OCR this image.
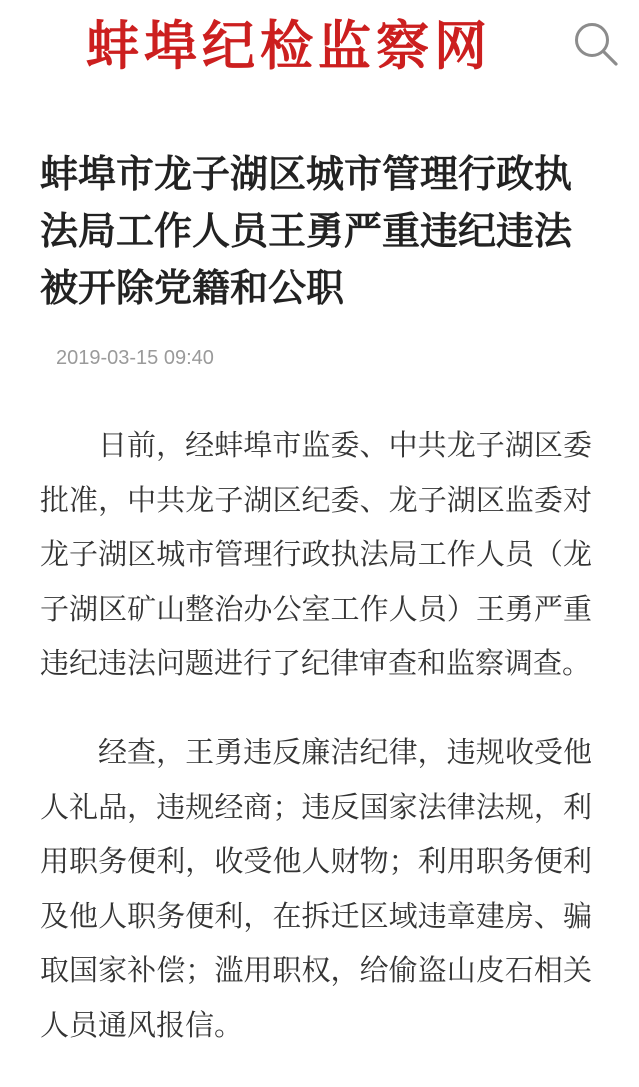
蚌埠纪检监察网
蚌埠市龙子湖区城市管理行政执法局工作人员王勇严重违纪违法被开除党籍和公职
2019-03-15 09:40

日前，经蚌埠市监委、中共龙子湖区委批准，中共龙子湖区纪委、龙子湖区监委对龙子湖区城市管理行政执法局工作人员（龙子湖区矿山整治办公室工作人员）王勇严重违纪违法问题进行了纪律审查和监察调查。

经查，王勇违反廉洁纪律，违规收受他人礼品，违规经商；违反国家法律法规，利用职务便利，收受他人财物；利用职务便利及他人职务便利，在拆迁区域违章建房、骗取国家补偿；滥用职权，给偷盗山皮石相关人员通风报信。
